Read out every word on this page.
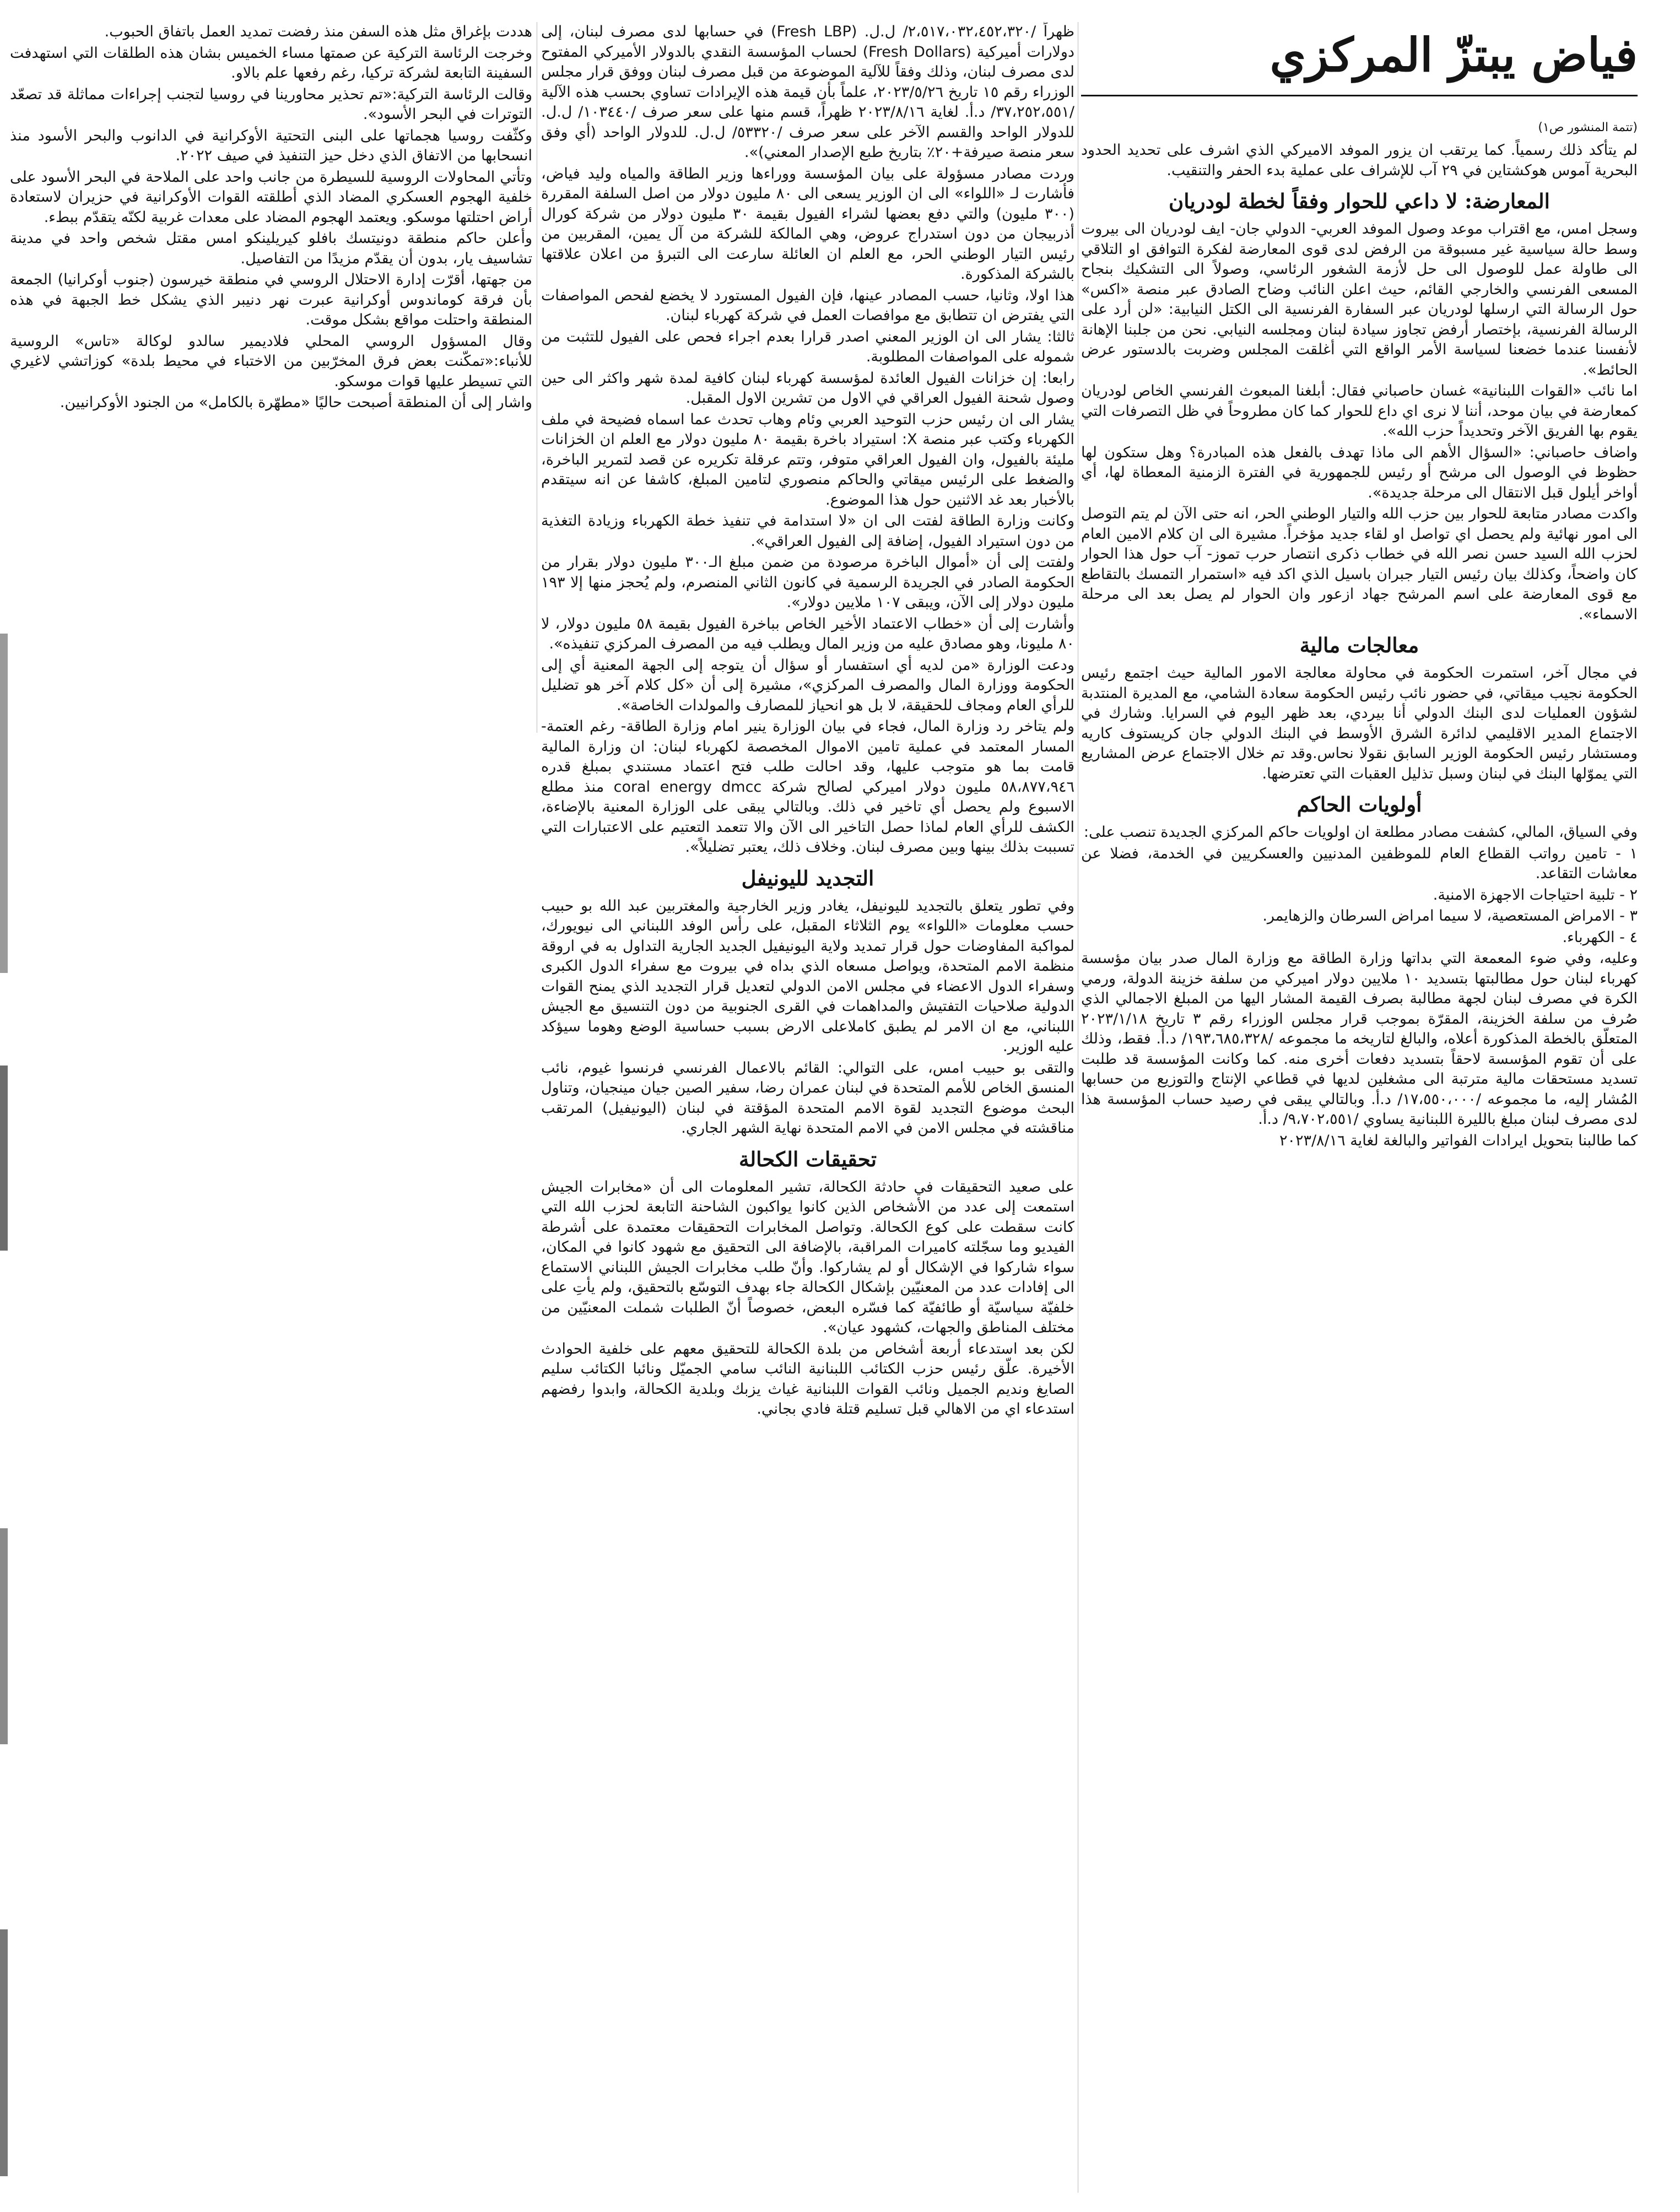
فياض يبتزّ المركزي

(تتمة المنشور ص١)

لم يتأكد ذلك رسمياً. كما يرتقب ان يزور الموفد الاميركي الذي اشرف على تحديد الحدود البحرية آموس هوكشتاين في ٢٩ آب للإشراف على عملية بدء الحفر والتنقيب.

المعارضة: لا داعي للحوار وفقاً لخطة لودريان

وسجل امس، مع اقتراب موعد وصول الموفد العربي- الدولي جان- ايف لودريان الى بيروت وسط حالة سياسية غير مسبوقة من الرفض لدى قوى المعارضة لفكرة التوافق او التلاقي الى طاولة عمل للوصول الى حل لأزمة الشغور الرئاسي، وصولاً الى التشكيك بنجاح المسعى الفرنسي والخارجي القائم، حيث اعلن النائب وضاح الصادق عبر منصة «اكس» حول الرسالة التي ارسلها لودريان عبر السفارة الفرنسية الى الكتل النيابية: «لن أرد على الرسالة الفرنسية، بإختصار أرفض تجاوز سيادة لبنان ومجلسه النيابي. نحن من جلبنا الإهانة لأنفسنا عندما خضعنا لسياسة الأمر الواقع التي أغلقت المجلس وضربت بالدستور عرض الحائط».

اما نائب «القوات اللبنانية» غسان حاصباني فقال: أبلغنا المبعوث الفرنسي الخاص لودريان كمعارضة في بيان موحد، أننا لا نرى اي داع للحوار كما كان مطروحاً في ظل التصرفات التي يقوم بها الفريق الآخر وتحديداً حزب الله».

واضاف حاصباني: «السؤال الأهم الى ماذا تهدف بالفعل هذه المبادرة؟ وهل ستكون لها حظوظ في الوصول الى مرشح أو رئيس للجمهورية في الفترة الزمنية المعطاة لها، أي أواخر أيلول قبل الانتقال الى مرحلة جديدة».

واكدت مصادر متابعة للحوار بين حزب الله والتيار الوطني الحر، انه حتى الآن لم يتم التوصل الى امور نهائية ولم يحصل اي تواصل او لقاء جديد مؤخراً. مشيرة الى ان كلام الامين العام لحزب الله السيد حسن نصر الله في خطاب ذكرى انتصار حرب تموز- آب حول هذا الحوار كان واضحاً، وكذلك بيان رئيس التيار جبران باسيل الذي اكد فيه «استمرار التمسك بالتقاطع مع قوى المعارضة على اسم المرشح جهاد ازعور وان الحوار لم يصل بعد الى مرحلة الاسماء».

معالجات مالية

في مجال آخر، استمرت الحكومة في محاولة معالجة الامور المالية حيث اجتمع رئيس الحكومة نجيب ميقاتي، في حضور نائب رئيس الحكومة سعادة الشامي، مع المديرة المنتدبة لشؤون العمليات لدى البنك الدولي أنا بيردي، بعد ظهر اليوم في السرايا. وشارك في الاجتماع المدير الاقليمي لدائرة الشرق الأوسط في البنك الدولي جان كريستوف كاريه ومستشار رئيس الحكومة الوزير السابق نقولا نحاس.وقد تم خلال الاجتماع عرض المشاريع التي يموّلها البنك في لبنان وسبل تذليل العقبات التي تعترضها.

أولويات الحاكم

وفي السياق، المالي، كشفت مصادر مطلعة ان اولويات حاكم المركزي الجديدة تنصب على:

١ - تامين رواتب القطاع العام للموظفين المدنيين والعسكريين في الخدمة، فضلا عن معاشات التقاعد.

٢ - تلبية احتياجات الاجهزة الامنية.

٣ - الامراض المستعصية، لا سيما امراض السرطان والزهايمر.

٤ - الكهرباء.

وعليه، وفي ضوء المعمعة التي بداتها وزارة الطاقة مع وزارة المال صدر بيان مؤسسة كهرباء لبنان حول مطالبتها بتسديد ١٠ ملايين دولار اميركي من سلفة خزينة الدولة، ورمي الكرة في مصرف لبنان لجهة مطالبة بصرف القيمة المشار اليها من المبلغ الاجمالي الذي صُرف من سلفة الخزينة، المقرّة بموجب قرار مجلس الوزراء رقم ٣ تاريخ ٢٠٢٣/١/١٨ المتعلّق بالخطة المذكورة أعلاه، والبالغ لتاريخه ما مجموعه /١٩٣،٦٨٥،٣٢٨/ د.أ. فقط، وذلك على أن تقوم المؤسسة لاحقاً بتسديد دفعات أخرى منه. كما وكانت المؤسسة قد طلبت تسديد مستحقات مالية مترتبة الى مشغلين لديها في قطاعي الإنتاج والتوزيع من حسابها المُشار إليه، ما مجموعه /١٧،٥٥٠،٠٠٠/ د.أ. وبالتالي يبقى في رصيد حساب المؤسسة هذا لدى مصرف لبنان مبلغ بالليرة اللبنانية يساوي /٩،٧٠٢،٥٥١/ د.أ.

كما طالبنا بتحويل ايرادات الفواتير والبالغة لغاية ٢٠٢٣/٨/١٦

ظهراً /٢،٥١٧،٠٣٢،٤٥٢،٣٢٠/ ل.ل. (Fresh LBP) في حسابها لدى مصرف لبنان، إلى دولارات أميركية (Fresh Dollars) لحساب المؤسسة النقدي بالدولار الأميركي المفتوح لدى مصرف لبنان، وذلك وفقاً للآلية الموضوعة من قبل مصرف لبنان ووفق قرار مجلس الوزراء رقم ١٥ تاريخ ٢٠٢٣/٥/٢٦، علماً بأن قيمة هذه الإيرادات تساوي بحسب هذه الآلية /٣٧،٢٥٢،٥٥١/ د.أ. لغاية ٢٠٢٣/٨/١٦ ظهراً، قسم منها على سعر صرف /١٠٣٤٤٠/ ل.ل. للدولار الواحد والقسم الآخر على سعر صرف /٥٣٣٢٠/ ل.ل. للدولار الواحد (أي وفق سعر منصة صيرفة+٢٠٪ بتاريخ طبع الإصدار المعني)».

وردت مصادر مسؤولة على بيان المؤسسة ووراءها وزير الطاقة والمياه وليد فياض، فأشارت لـ «اللواء» الى ان الوزير يسعى الى ٨٠ مليون دولار من اصل السلفة المقررة (٣٠٠ مليون) والتي دفع بعضها لشراء الفيول بقيمة ٣٠ مليون دولار من شركة كورال أذربيجان من دون استدراج عروض، وهي المالكة للشركة من آل يمين، المقربين من رئيس التيار الوطني الحر، مع العلم ان العائلة سارعت الى التبرؤ من اعلان علاقتها بالشركة المذكورة.

هذا اولا، وثانيا، حسب المصادر عينها، فإن الفيول المستورد لا يخضع لفحص المواصفات التي يفترض ان تتطابق مع موافصات العمل في شركة كهرباء لبنان.

ثالثا: يشار الى ان الوزير المعني اصدر قرارا بعدم اجراء فحص على الفيول للتثبت من شموله على المواصفات المطلوبة.

رابعا: إن خزانات الفيول العائدة لمؤسسة كهرباء لبنان كافية لمدة شهر واكثر الى حين وصول شحنة الفيول العراقي في الاول من تشرين الاول المقبل.

يشار الى ان رئيس حزب التوحيد العربي وئام وهاب تحدث عما اسماه فضيحة في ملف الكهرباء وكتب عبر منصة X: استيراد باخرة بقيمة ٨٠ مليون دولار مع العلم ان الخزانات مليئة بالفيول، وان الفيول العراقي متوفر، وتتم عرقلة تكريره عن قصد لتمرير الباخرة، والضغط على الرئيس ميقاتي والحاكم منصوري لتامين المبلغ، كاشفا عن انه سيتقدم بالأخبار بعد غد الاثنين حول هذا الموضوع.

وكانت وزارة الطاقة لفتت الى ان «لا استدامة في تنفيذ خطة الكهرباء وزيادة التغذية من دون استيراد الفيول، إضافة إلى الفيول العراقي».

ولفتت إلى أن «أموال الباخرة مرصودة من ضمن مبلغ الـ٣٠٠ مليون دولار بقرار من الحكومة الصادر في الجريدة الرسمية في كانون الثاني المنصرم، ولم يُحجز منها إلا ١٩٣ مليون دولار إلى الآن، ويبقى ١٠٧ ملايين دولار».

وأشارت إلى أن «خطاب الاعتماد الأخير الخاص بباخرة الفيول بقيمة ٥٨ مليون دولار، لا ٨٠ مليونا، وهو مصادق عليه من وزير المال ويطلب فيه من المصرف المركزي تنفيذه».

ودعت الوزارة «من لديه أي استفسار أو سؤال أن يتوجه إلى الجهة المعنية أي إلى الحكومة ووزارة المال والمصرف المركزي»، مشيرة إلى أن «كل كلام آخر هو تضليل للرأي العام ومجاف للحقيقة، لا بل هو انحياز للمصارف والمولدات الخاصة».

ولم يتاخر رد وزارة المال، فجاء في بيان الوزارة ينير امام وزارة الطاقة- رغم العتمة- المسار المعتمد في عملية تامين الاموال المخصصة لكهرباء لبنان: ان وزارة المالية قامت بما هو متوجب عليها، وقد احالت طلب فتح اعتماد مستندي بمبلغ قدره ٥٨،٨٧٧،٩٤٦ مليون دولار اميركي لصالح شركة coral energy dmcc منذ مطلع الاسبوع ولم يحصل أي تاخير في ذلك. وبالتالي يبقى على الوزارة المعنية بالإضاءة، الكشف للرأي العام لماذا حصل التاخير الى الآن والا تتعمد التعتيم على الاعتبارات التي تسببت بذلك بينها وبين مصرف لبنان. وخلاف ذلك، يعتبر تضليلاً».

التجديد لليونيفل

وفي تطور يتعلق بالتجديد لليونيفل، يغادر وزير الخارجية والمغتربين عبد الله بو حبيب حسب معلومات «اللواء» يوم الثلاثاء المقبل، على رأس الوفد اللبناني الى نيويورك، لمواكبة المفاوضات حول قرار تمديد ولاية اليونيفيل الجديد الجارية التداول به في اروقة منظمة الامم المتحدة، ويواصل مسعاه الذي بداه في بيروت مع سفراء الدول الكبرى وسفراء الدول الاعضاء في مجلس الامن الدولي لتعديل قرار التجديد الذي يمنح القوات الدولية صلاحيات التفتيش والمداهمات في القرى الجنوبية من دون التنسيق مع الجيش اللبناني، مع ان الامر لم يطبق كاملاعلى الارض بسبب حساسية الوضع وهوما سيؤكد عليه الوزير.

والتقى بو حبيب امس، على التوالي: القائم بالاعمال الفرنسي فرنسوا غيوم، نائب المنسق الخاص للأمم المتحدة في لبنان عمران رضا، سفير الصين جيان مينجيان، وتناول البحث موضوع التجديد لقوة الامم المتحدة المؤقتة في لبنان (اليونيفيل) المرتقب مناقشته في مجلس الامن في الامم المتحدة نهاية الشهر الجاري.

تحقيقات الكحالة

على صعيد التحقيقات في حادثة الكحالة، تشير المعلومات الى أن «مخابرات الجيش استمعت إلى عدد من الأشخاص الذين كانوا يواكبون الشاحنة التابعة لحزب الله التي كانت سقطت على كوع الكحالة. وتواصل المخابرات التحقيقات معتمدة على أشرطة الفيديو وما سجّلته كاميرات المراقبة، بالإضافة الى التحقيق مع شهود كانوا في المكان، سواء شاركوا في الإشكال أو لم يشاركوا. وأنّ طلب مخابرات الجيش اللبناني الاستماع الى إفادات عدد من المعنيّين بإشكال الكحالة جاء بهدف التوسّع بالتحقيق، ولم يأتِ على خلفيّة سياسيّة أو طائفيّة كما فسّره البعض، خصوصاً أنّ الطلبات شملت المعنيّين من مختلف المناطق والجهات، كشهود عيان».

لكن بعد استدعاء أربعة أشخاص من بلدة الكحالة للتحقيق معهم على خلفية الحوادث الأخيرة. علّق رئيس حزب الكتائب اللبنانية النائب سامي الجميّل ونائبا الكتائب سليم الصايغ ونديم الجميل ونائب القوات اللبنانية غياث يزبك وبلدية الكحالة، وابدوا رفضهم استدعاء اي من الاهالي قبل تسليم قتلة فادي بجاني.

هددت بإغراق مثل هذه السفن منذ رفضت تمديد العمل باتفاق الحبوب.

وخرجت الرئاسة التركية عن صمتها مساء الخميس بشان هذه الطلقات التي استهدفت السفينة التابعة لشركة تركيا، رغم رفعها علم بالاو.

وقالت الرئاسة التركية:«تم تحذير محاورينا في روسيا لتجنب إجراءات مماثلة قد تصعّد التوترات في البحر الأسود».

وكثّفت روسيا هجماتها على البنى التحتية الأوكرانية في الدانوب والبحر الأسود منذ انسحابها من الاتفاق الذي دخل حيز التنفيذ في صيف ٢٠٢٢.

وتأتي المحاولات الروسية للسيطرة من جانب واحد على الملاحة في البحر الأسود على خلفية الهجوم العسكري المضاد الذي أطلقته القوات الأوكرانية في حزيران لاستعادة أراض احتلتها موسكو. ويعتمد الهجوم المضاد على معدات غربية لكنّه يتقدّم ببطء.

وأعلن حاكم منطقة دونيتسك بافلو كيريلينكو امس مقتل شخص واحد في مدينة تشاسيف يار، بدون أن يقدّم مزيدًا من التفاصيل.

من جهتها، أقرّت إدارة الاحتلال الروسي في منطقة خيرسون (جنوب أوكرانيا) الجمعة بأن فرقة كوماندوس أوكرانية عبرت نهر دنيبر الذي يشكل خط الجبهة في هذه المنطقة واحتلت مواقع بشكل موقت.

وقال المسؤول الروسي المحلي فلاديمير سالدو لوكالة «تاس» الروسية للأنباء:«تمكّنت بعض فرق المخرّبين من الاختباء في محيط بلدة» كوزاتشي لاغيري التي تسيطر عليها قوات موسكو.

واشار إلى أن المنطقة أصبحت حاليًا «مطهّرة بالكامل» من الجنود الأوكرانيين.
